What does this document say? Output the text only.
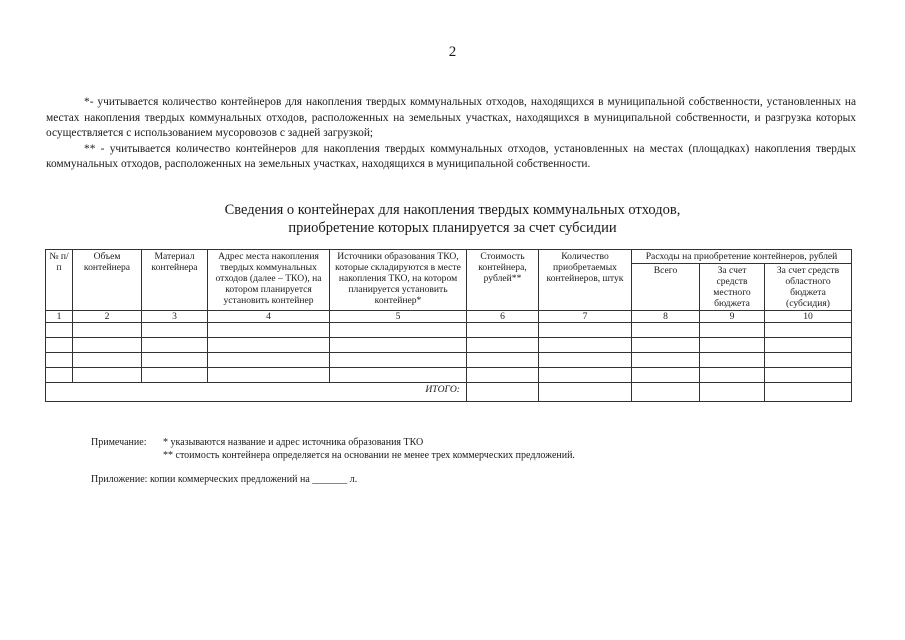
2

*- учитывается количество контейнеров для накопления твердых коммунальных отходов, находящихся в муниципальной собственности, установленных на местах накопления твердых коммунальных отходов, расположенных на земельных участках, находящихся в муниципальной собственности, и разгрузка которых осуществляется с использованием мусоровозов с задней загрузкой;

** - учитывается количество контейнеров для накопления твердых коммунальных отходов, установленных на местах (площадках) накопления твердых коммунальных отходов, расположенных на земельных участках, находящихся в муниципальной собственности.

Сведения о контейнерах для накопления твердых коммунальных отходов,
приобретение которых планируется за счет субсидии
№ п/п	Объем контейнера	Материал контейнера	Адрес места накопления твердых коммунальных отходов (далее – ТКО), на котором планируется установить контейнер	Источники образования ТКО, которые складируются в месте накопления ТКО, на котором планируется установить контейнер*	Стоимость контейнера, рублей**	Количество приобретаемых контейнеров, штук	Расходы на приобретение контейнеров, рублей		
							Всего	За счет средств местного бюджета	За счет средств областного бюджета (субсидия)
1	2	3	4	5	6	7	8	9	10

ИТОГО:									
Примечание: * указываются название и адрес источника образования ТКО
** стоимость контейнера определяется на основании не менее трех коммерческих предложений.
Приложение: копии коммерческих предложений на _______ л.
